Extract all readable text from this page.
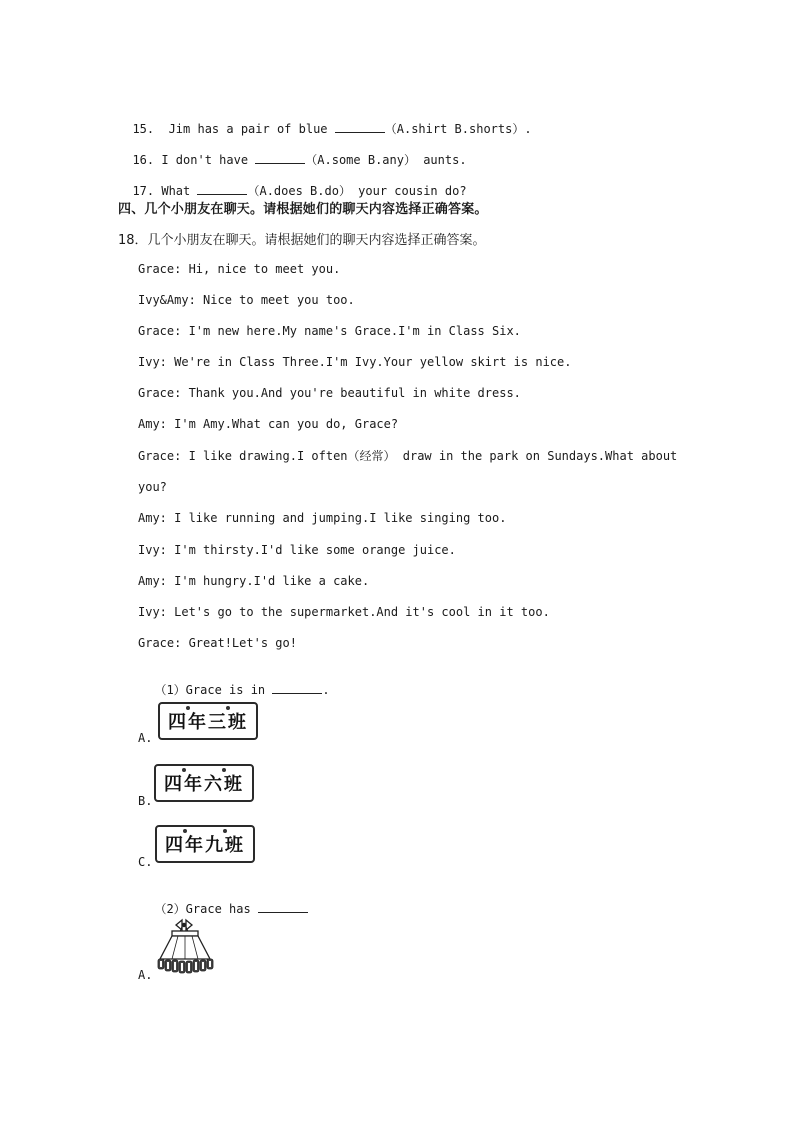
15.  Jim has a pair of blue	（A.shirt B.shorts）.

16. I don't have	（A.some B.any） aunts.

17. What	（A.does B.do） your cousin do?

四、几个小朋友在聊天。请根据她们的聊天内容选择正确答案。
18．几个小朋友在聊天。请根据她们的聊天内容选择正确答案。
Grace: Hi, nice to meet you.
Ivy&Amy: Nice to meet you too.
Grace: I'm new here.My name's Grace.I'm in Class Six.
Ivy: We're in Class Three.I'm Ivy.Your yellow skirt is nice.
Grace: Thank you.And you're beautiful in white dress.
Amy: I'm Amy.What can you do, Grace?
Grace: I like drawing.I often（经常） draw in the park on Sundays.What about
you?
Amy: I like running and jumping.I like singing too.
Ivy: I'm thirsty.I'd like some orange juice.
Amy: I'm hungry.I'd like a cake.
Ivy: Let's go to the supermarket.And it's cool in it too.
Grace: Great!Let's go!

（1）Grace is in	.

A.
四年三班
B.
四年六班
C.
四年九班

（2）Grace has

A.
